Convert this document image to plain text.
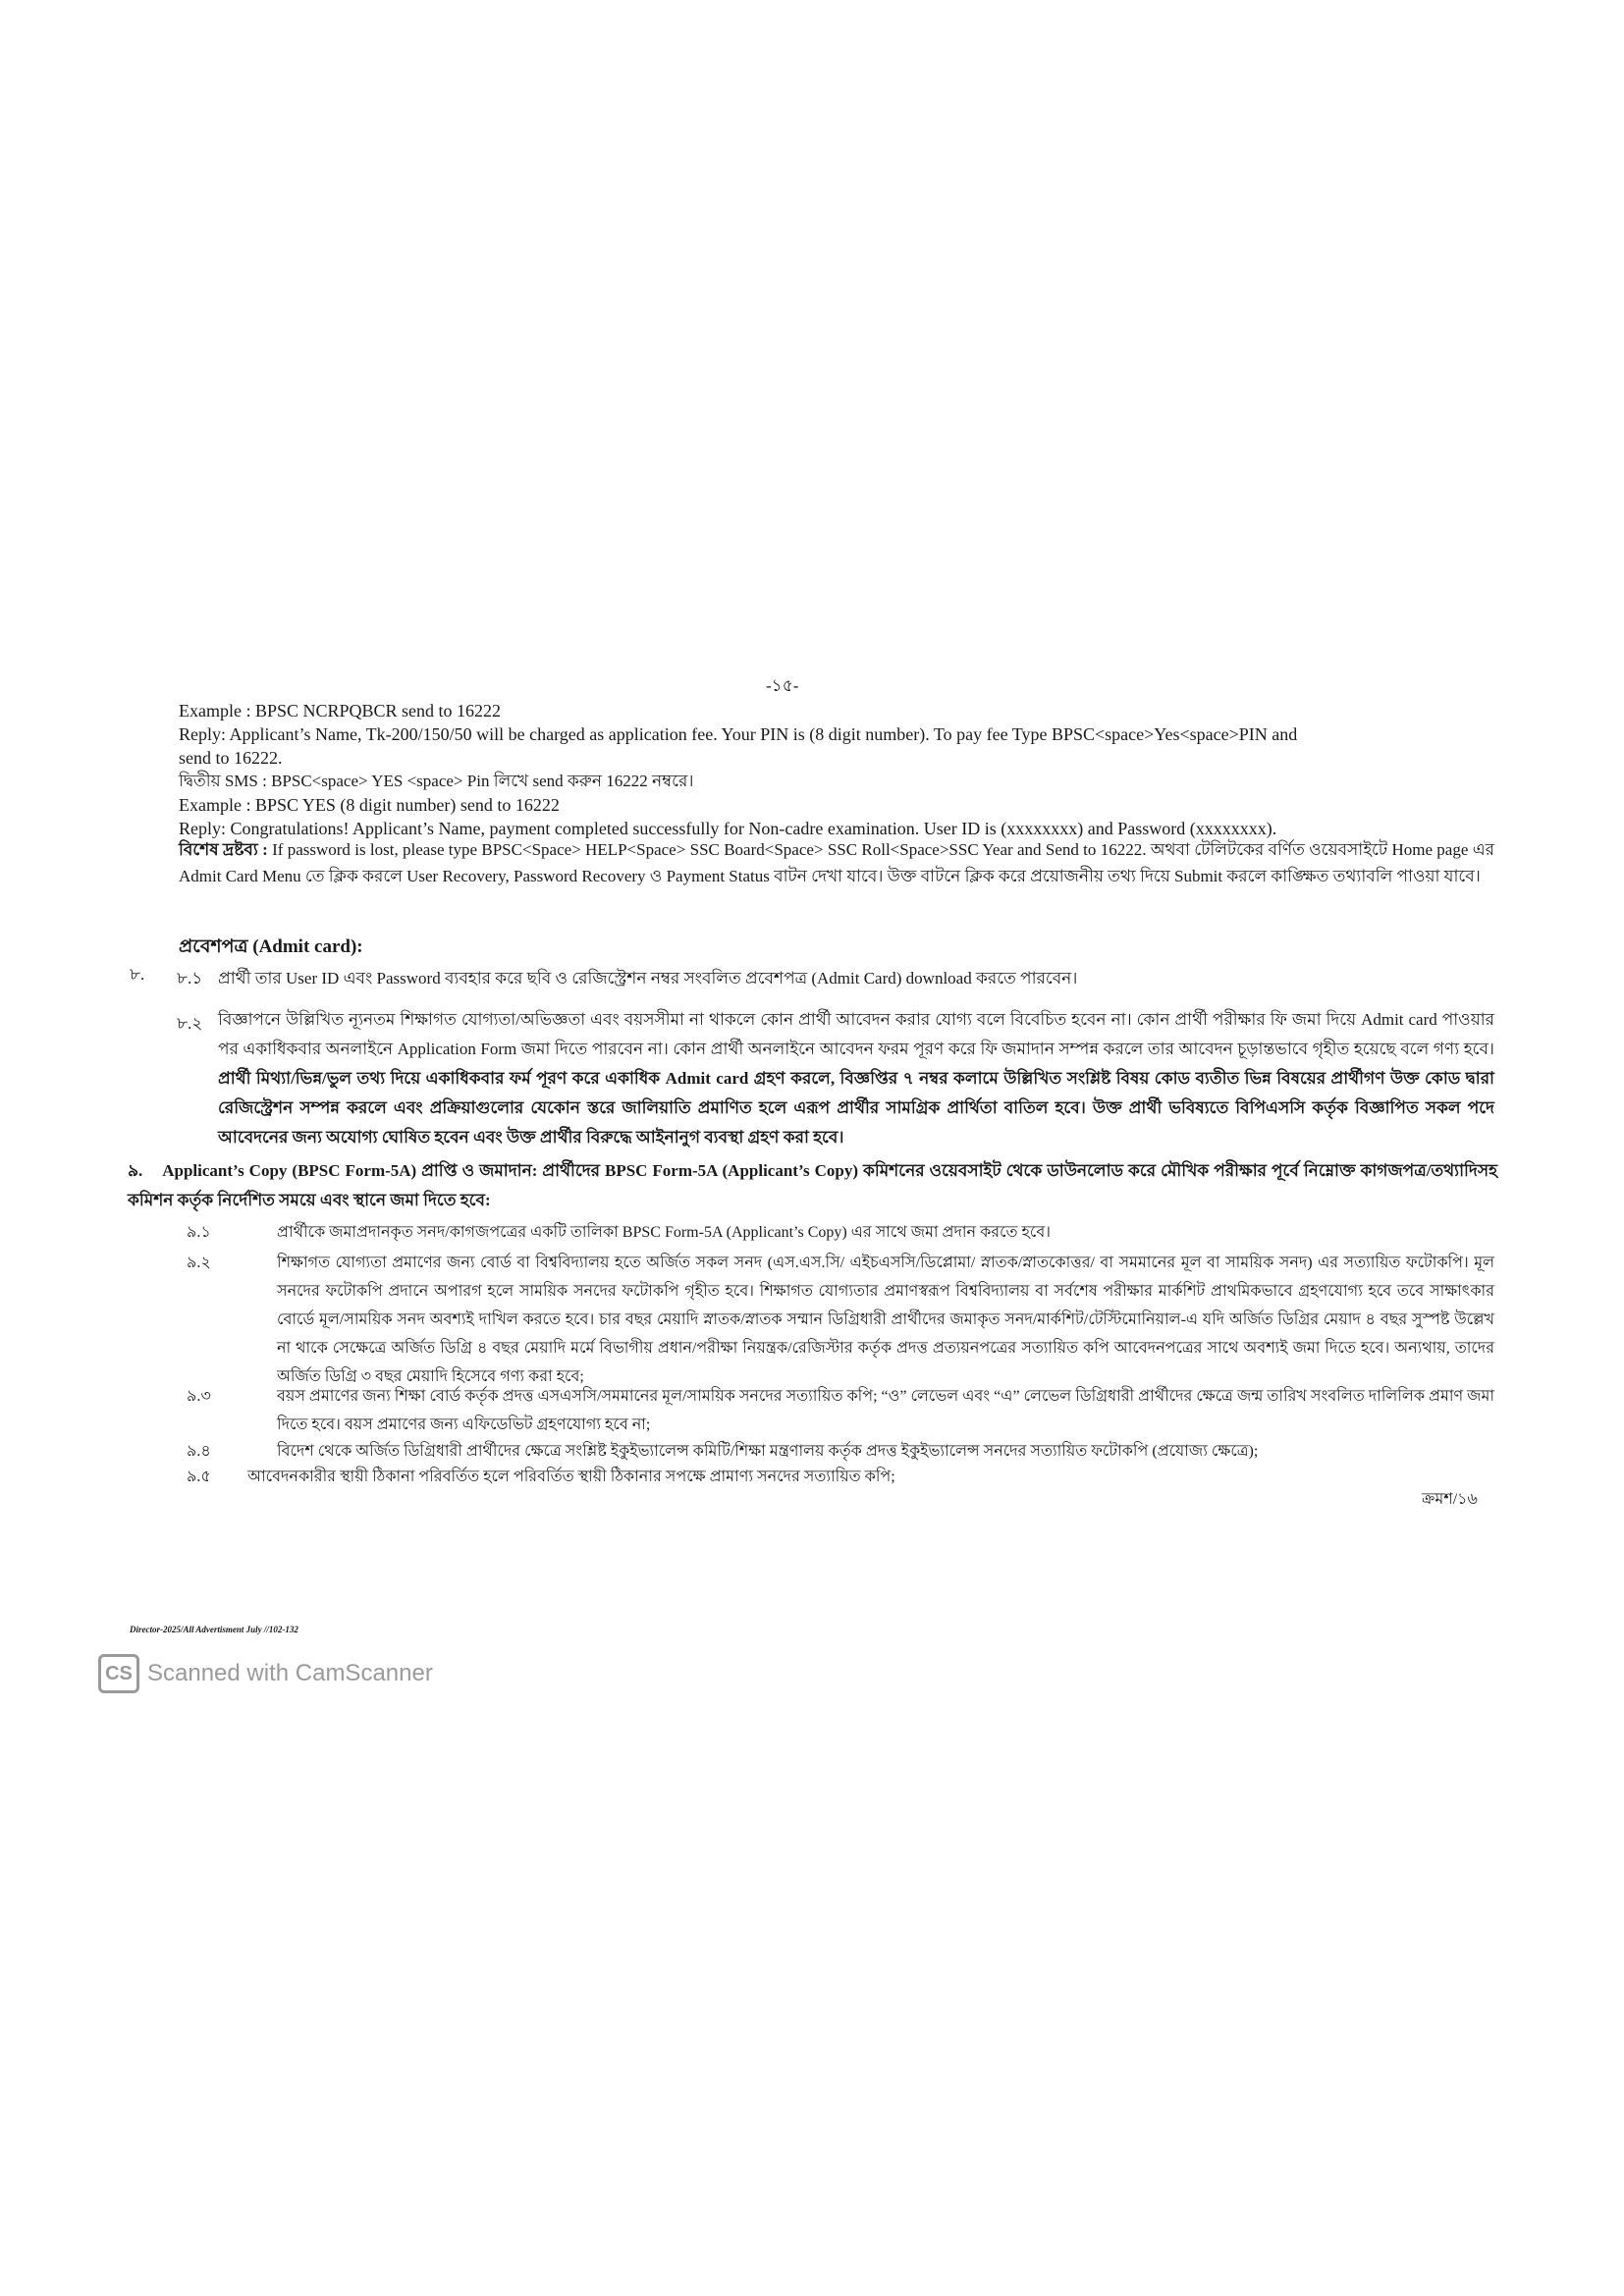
-১৫-
Example : BPSC NCRPQBCR send to 16222
Reply: Applicant’s Name, Tk-200/150/50 will be charged as application fee. Your PIN is (8 digit number). To pay fee Type BPSC<space>Yes<space>PIN and
send to 16222.
দ্বিতীয় SMS : BPSC<space> YES <space> Pin লিখে send করুন 16222 নম্বরে।
Example : BPSC YES (8 digit number) send to 16222
Reply: Congratulations! Applicant’s Name, payment completed successfully for Non-cadre examination. User ID is (xxxxxxxx) and Password (xxxxxxxx).
বিশেষ দ্রষ্টব্য : If password is lost, please type BPSC<Space> HELP<Space> SSC Board<Space> SSC Roll<Space>SSC Year and Send to 16222. অথবা টেলিটকের বর্ণিত ওয়েবসাইটে Home page এর Admit Card Menu তে ক্লিক করলে User Recovery, Password Recovery ও Payment Status বাটন দেখা যাবে। উক্ত বাটনে ক্লিক করে প্রয়োজনীয় তথ্য দিয়ে Submit করলে কাঙ্ক্ষিত তথ্যাবলি পাওয়া যাবে।
প্রবেশপত্র (Admit card):
৮. ৮.১ প্রার্থী তার User ID এবং Password ব্যবহার করে ছবি ও রেজিস্ট্রেশন নম্বর সংবলিত প্রবেশপত্র (Admit Card) download করতে পারবেন।
৮.২ বিজ্ঞাপনে উল্লিখিত ন্যূনতম শিক্ষাগত যোগ্যতা/অভিজ্ঞতা এবং বয়সসীমা না থাকলে কোন প্রার্থী আবেদন করার যোগ্য বলে বিবেচিত হবেন না। কোন প্রার্থী পরীক্ষার ফি জমা দিয়ে Admit card পাওয়ার পর একাধিকবার অনলাইনে Application Form জমা দিতে পারবেন না। কোন প্রার্থী অনলাইনে আবেদন ফরম পূরণ করে ফি জমাদান সম্পন্ন করলে তার আবেদন চূড়ান্তভাবে গৃহীত হয়েছে বলে গণ্য হবে। প্রার্থী মিথ্যা/ভিন্ন/ভুল তথ্য দিয়ে একাধিকবার ফর্ম পূরণ করে একাধিক Admit card গ্রহণ করলে, বিজ্ঞপ্তির ৭ নম্বর কলামে উল্লিখিত সংশ্লিষ্ট বিষয় কোড ব্যতীত ভিন্ন বিষয়ের প্রার্থীগণ উক্ত কোড দ্বারা রেজিস্ট্রেশন সম্পন্ন করলে এবং প্রক্রিয়াগুলোর যেকোন স্তরে জালিয়াতি প্রমাণিত হলে এরূপ প্রার্থীর সামগ্রিক প্রার্থিতা বাতিল হবে। উক্ত প্রার্থী ভবিষ্যতে বিপিএসসি কর্তৃক বিজ্ঞাপিত সকল পদে আবেদনের জন্য অযোগ্য ঘোষিত হবেন এবং উক্ত প্রার্থীর বিরুদ্ধে আইনানুগ ব্যবস্থা গ্রহণ করা হবে।
৯. Applicant’s Copy (BPSC Form-5A) প্রাপ্তি ও জমাদান: প্রার্থীদের BPSC Form-5A (Applicant’s Copy) কমিশনের ওয়েবসাইট থেকে ডাউনলোড করে মৌখিক পরীক্ষার পূর্বে নিম্নোক্ত কাগজপত্র/তথ্যাদিসহ কমিশন কর্তৃক নির্দেশিত সময়ে এবং স্থানে জমা দিতে হবে:
৯.১	প্রার্থীকে জমাপ্রদানকৃত সনদ/কাগজপত্রের একটি তালিকা BPSC Form-5A (Applicant’s Copy) এর সাথে জমা প্রদান করতে হবে।
৯.২	শিক্ষাগত যোগ্যতা প্রমাণের জন্য বোর্ড বা বিশ্ববিদ্যালয় হতে অর্জিত সকল সনদ (এস.এস.সি/ এইচএসসি/ডিপ্লোমা/ স্নাতক/স্নাতকোত্তর/ বা সমমানের মূল বা সাময়িক সনদ) এর সত্যায়িত ফটোকপি। মূল সনদের ফটোকপি প্রদানে অপারগ হলে সাময়িক সনদের ফটোকপি গৃহীত হবে। শিক্ষাগত যোগ্যতার প্রমাণস্বরূপ বিশ্ববিদ্যালয় বা সর্বশেষ পরীক্ষার মার্কশিট প্রাথমিকভাবে গ্রহণযোগ্য হবে তবে সাক্ষাৎকার বোর্ডে মূল/সাময়িক সনদ অবশ্যই দাখিল করতে হবে। চার বছর মেয়াদি স্নাতক/স্নাতক সম্মান ডিগ্রিধারী প্রার্থীদের জমাকৃত সনদ/মার্কশিট/টেস্টিমোনিয়াল-এ যদি অর্জিত ডিগ্রির মেয়াদ ৪ বছর সুস্পষ্ট উল্লেখ না থাকে সেক্ষেত্রে অর্জিত ডিগ্রি ৪ বছর মেয়াদি মর্মে বিভাগীয় প্রধান/পরীক্ষা নিয়ন্ত্রক/রেজিস্টার কর্তৃক প্রদত্ত প্রত্যয়নপত্রের সত্যায়িত কপি আবেদনপত্রের সাথে অবশ্যই জমা দিতে হবে। অন্যথায়, তাদের অর্জিত ডিগ্রি ৩ বছর মেয়াদি হিসেবে গণ্য করা হবে;
৯.৩	বয়স প্রমাণের জন্য শিক্ষা বোর্ড কর্তৃক প্রদত্ত এসএসসি/সমমানের মূল/সাময়িক সনদের সত্যায়িত কপি; “ও” লেভেল এবং “এ” লেভেল ডিগ্রিধারী প্রার্থীদের ক্ষেত্রে জন্ম তারিখ সংবলিত দালিলিক প্রমাণ জমা দিতে হবে। বয়স প্রমাণের জন্য এফিডেভিট গ্রহণযোগ্য হবে না;
৯.৪	বিদেশ থেকে অর্জিত ডিগ্রিধারী প্রার্থীদের ক্ষেত্রে সংশ্লিষ্ট ইকুইভ্যালেন্স কমিটি/শিক্ষা মন্ত্রণালয় কর্তৃক প্রদত্ত ইকুইভ্যালেন্স সনদের সত্যায়িত ফটোকপি (প্রযোজ্য ক্ষেত্রে);
৯.৫ আবেদনকারীর স্থায়ী ঠিকানা পরিবর্তিত হলে পরিবর্তিত স্থায়ী ঠিকানার সপক্ষে প্রামাণ্য সনদের সত্যায়িত কপি;
ক্রমশ/১৬
Director-2025/All Advertisment July //102-132
CS Scanned with CamScanner
